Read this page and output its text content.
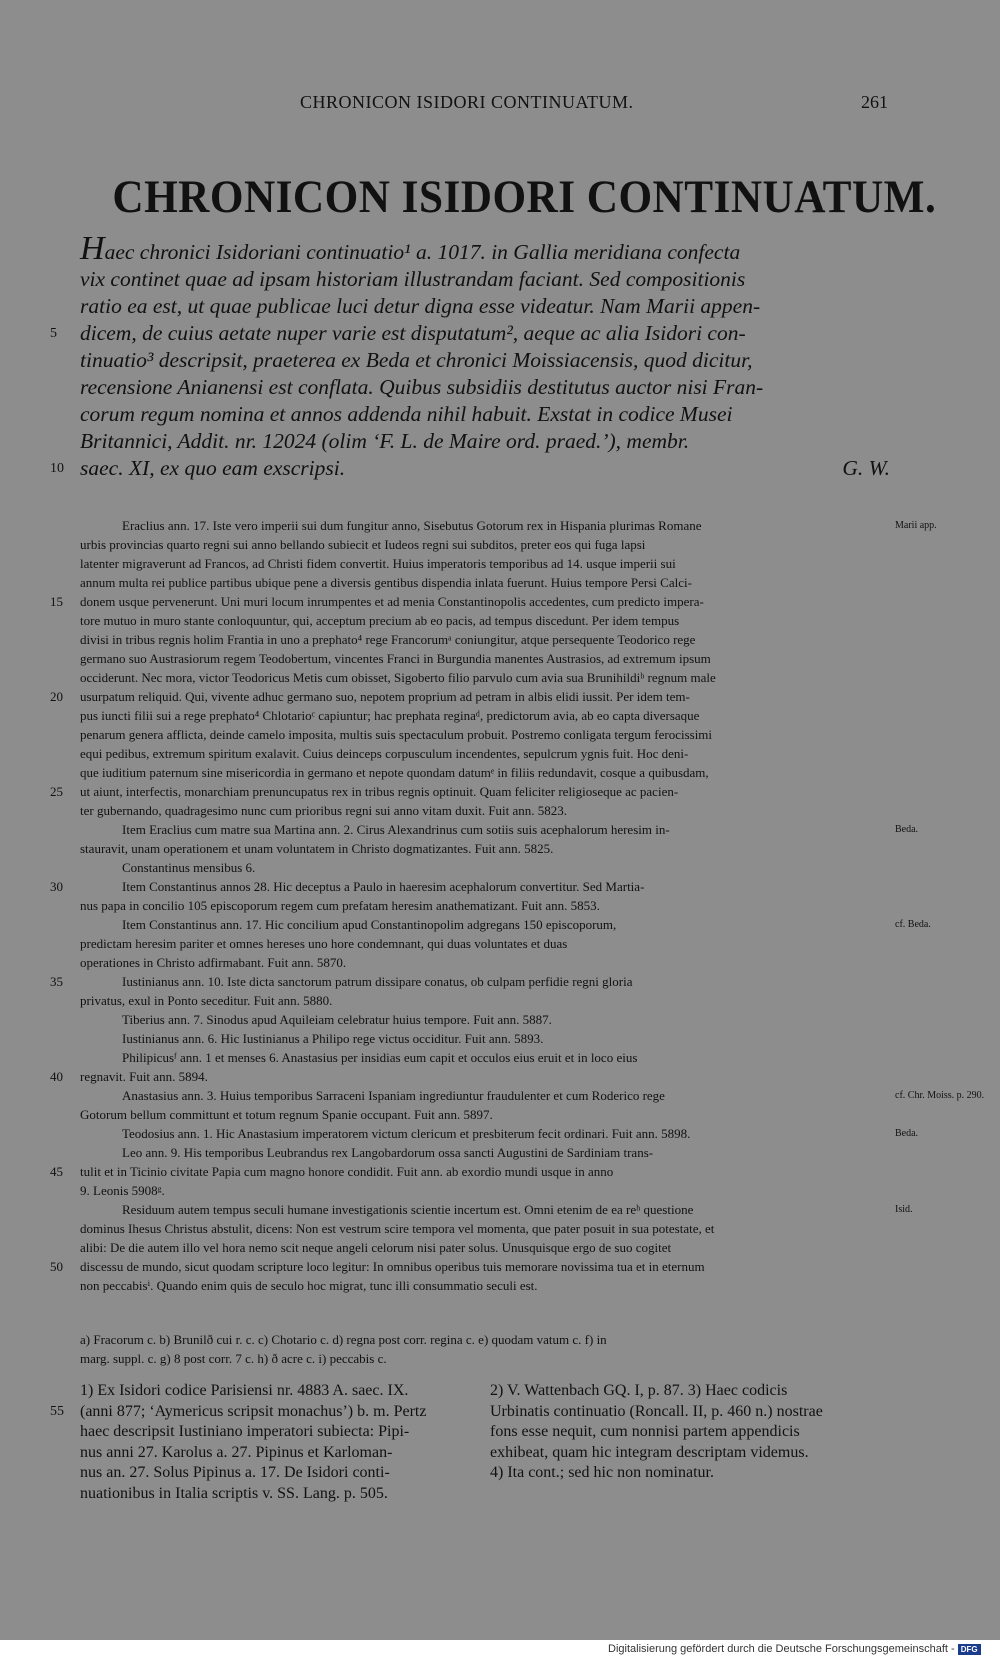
CHRONICON ISIDORI CONTINUATUM.	261
CHRONICON ISIDORI CONTINUATUM.
Haec chronici Isidoriani continuatio¹ a. 1017. in Gallia meridiana confecta
vix continet quae ad ipsam historiam illustrandam faciant. Sed compositionis
ratio ea est, ut quae publicae luci detur digna esse videatur. Nam Marii appen-
5 dicem, de cuius aetate nuper varie est disputatum², aeque ac alia Isidori con-
tinuatio³ descripsit, praeterea ex Beda et chronici Moissiacensis, quod dicitur,
recensione Anianensi est conflata. Quibus subsidiis destitutus auctor nisi Fran-
corum regum nomina et annos addenda nihil habuit. Exstat in codice Musei
Britannici, Addit. nr. 12024 (olim ‘F. L. de Maire ord. praed.’), membr.
10 saec. XI, ex quo eam exscripsi.	G. W.
Eraclius ann. 17. Iste vero imperii sui dum fungitur anno, Sisebutus Gotorum rex in Hispania plurimas Romane	Marii app.
urbis provincias quarto regni sui anno bellando subiecit et Iudeos regni sui subditos, preter eos qui fuga lapsi
latenter migraverunt ad Francos, ad Christi fidem convertit. Huius imperatoris temporibus ad 14. usque imperii sui
annum multa rei publice partibus ubique pene a diversis gentibus dispendia inlata fuerunt. Huius tempore Persi Calci-
15 donem usque pervenerunt. Uni muri locum inrumpentes et ad menia Constantinopolis accedentes, cum predicto impera-
tore mutuo in muro stante conloquuntur, qui, acceptum precium ab eo pacis, ad tempus discedunt. Per idem tempus
divisi in tribus regnis holim Frantia in uno a prephato⁴ rege Francorumᵃ coniungitur, atque persequente Teodorico rege
germano suo Austrasiorum regem Teodobertum, vincentes Franci in Burgundia manentes Austrasios, ad extremum ipsum
occiderunt. Nec mora, victor Teodoricus Metis cum obisset, Sigoberto filio parvulo cum avia sua Brunihildiᵇ regnum male
20 usurpatum reliquid. Qui, vivente adhuc germano suo, nepotem proprium ad petram in albis elidi iussit. Per idem tem-
pus iuncti filii sui a rege prephato⁴ Chlotarioᶜ capiuntur; hac prephata reginaᵈ, predictorum avia, ab eo capta diversaque
penarum genera afflicta, deinde camelo imposita, multis suis spectaculum probuit. Postremo conligata tergum ferocissimi
equi pedibus, extremum spiritum exalavit. Cuius deinceps corpusculum incendentes, sepulcrum ygnis fuit. Hoc deni-
que iuditium paternum sine misericordia in germano et nepote quondam datumᵉ in filiis redundavit, cosque a quibusdam,
25 ut aiunt, interfectis, monarchiam prenuncupatus rex in tribus regnis optinuit. Quam feliciter religioseque ac pacien-
ter gubernando, quadragesimo nunc cum prioribus regni sui anno vitam duxit. Fuit ann. 5823.
Item Eraclius cum matre sua Martina ann. 2. Cirus Alexandrinus cum sotiis suis acephalorum heresim in-	Beda.
stauravit, unam operationem et unam voluntatem in Christo dogmatizantes. Fuit ann. 5825.
Constantinus mensibus 6.
30	Item Constantinus annos 28. Hic deceptus a Paulo in haeresim acephalorum convertitur. Sed Martia-
nus papa in concilio 105 episcoporum regem cum prefatam heresim anathematizant. Fuit ann. 5853.
Item Constantinus ann. 17. Hic concilium apud Constantinopolim adgregans 150 episcoporum,	cf. Beda.
predictam heresim pariter et omnes hereses uno hore condemnant, qui duas voluntates et duas
operationes in Christo adfirmabant. Fuit ann. 5870.
35	Iustinianus ann. 10. Iste dicta sanctorum patrum dissipare conatus, ob culpam perfidie regni gloria
privatus, exul in Ponto seceditur. Fuit ann. 5880.
Tiberius ann. 7. Sinodus apud Aquileiam celebratur huius tempore. Fuit ann. 5887.
Iustinianus ann. 6. Hic Iustinianus a Philipo rege victus occiditur. Fuit ann. 5893.
Philipicusᶠ ann. 1 et menses 6. Anastasius per insidias eum capit et occulos eius eruit et in loco eius
40 regnavit. Fuit ann. 5894.
Anastasius ann. 3. Huius temporibus Sarraceni Ispaniam ingrediuntur fraudulenter et cum Roderico rege	cf. Chr. Moiss. p. 290.
Gotorum bellum committunt et totum regnum Spanie occupant. Fuit ann. 5897.
Teodosius ann. 1. Hic Anastasium imperatorem victum clericum et presbiterum fecit ordinari. Fuit ann. 5898.	Beda.
Leo ann. 9. His temporibus Leubrandus rex Langobardorum ossa sancti Augustini de Sardiniam trans-
45 tulit et in Ticinio civitate Papia cum magno honore condidit. Fuit ann. ab exordio mundi usque in anno
9. Leonis 5908ᵍ.
Residuum autem tempus seculi humane investigationis scientie incertum est. Omni etenim de ea reʰ questione	Isid.
dominus Ihesus Christus abstulit, dicens: Non est vestrum scire tempora vel momenta, que pater posuit in sua potestate, et
alibi: De die autem illo vel hora nemo scit neque angeli celorum nisi pater solus. Unusquisque ergo de suo cogitet
50 discessu de mundo, sicut quodam scripture loco legitur: In omnibus operibus tuis memorare novissima tua et in eternum
non peccabisⁱ. Quando enim quis de seculo hoc migrat, tunc illi consummatio seculi est.
a) Fracorum c. b) Brunilð cui r. c. c) Chotario c. d) regna post corr. regina c. e) quodam vatum c. f) in
marg. suppl. c. g) 8 post corr. 7 c. h) ð acre c. i) peccabis c.
1) Ex Isidori codice Parisiensi nr. 4883 A. saec. IX.
55 (anni 877; ‘Aymericus scripsit monachus’) b. m. Pertz
haec descripsit Iustiniano imperatori subiecta: Pipi-
nus anni 27. Karolus a. 27. Pipinus et Karloman-
nus an. 27. Solus Pipinus a. 17. De Isidori conti-
nuationibus in Italia scriptis v. SS. Lang. p. 505.
2) V. Wattenbach GQ. I, p. 87. 3) Haec codicis
Urbinatis continuatio (Roncall. II, p. 460 n.) nostrae
fons esse nequit, cum nonnisi partem appendicis
exhibeat, quam hic integram descriptam videmus.
4) Ita cont.; sed hic non nominatur.
Digitalisierung gefördert durch die Deutsche Forschungsgemeinschaft - DFG
